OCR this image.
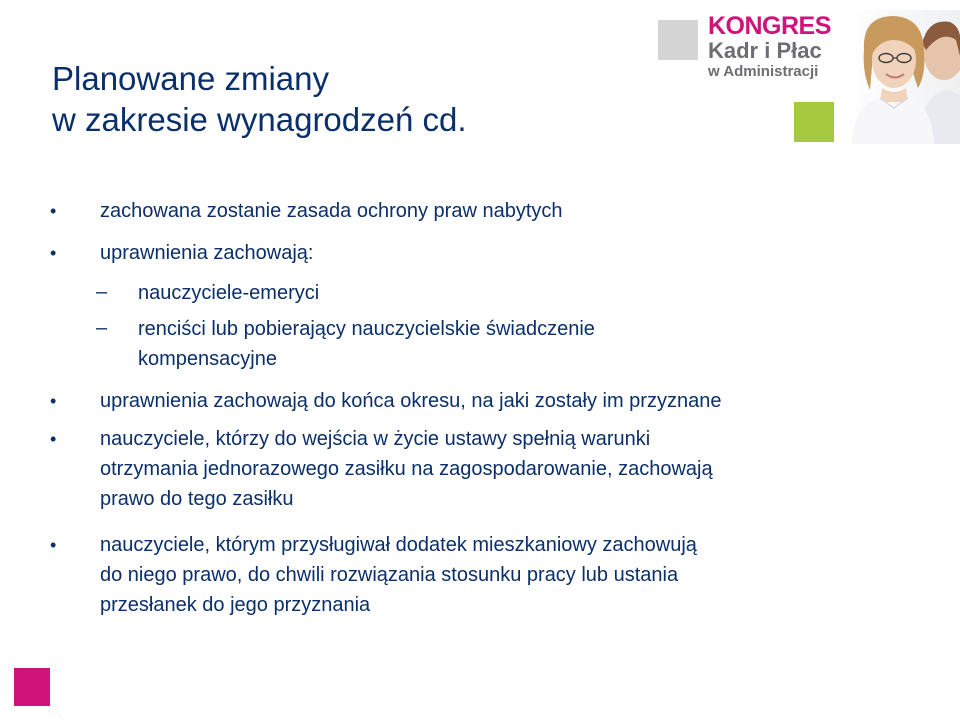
Planowane zmiany
w zakresie wynagrodzeń cd.
KONGRES
Kadr i Płac
w Administracji
• zachowana zostanie zasada ochrony praw nabytych
• uprawnienia zachowają:
– nauczyciele-emeryci
– renciści lub pobierający nauczycielskie świadczenie
kompensacyjne
• uprawnienia zachowają do końca okresu, na jaki zostały im przyznane
• nauczyciele, którzy do wejścia w życie ustawy spełnią warunki
otrzymania jednorazowego zasiłku na zagospodarowanie, zachowają
prawo do tego zasiłku
• nauczyciele, którym przysługiwał dodatek mieszkaniowy zachowują
do niego prawo, do chwili rozwiązania stosunku pracy lub ustania
przesłanek do jego przyznania
